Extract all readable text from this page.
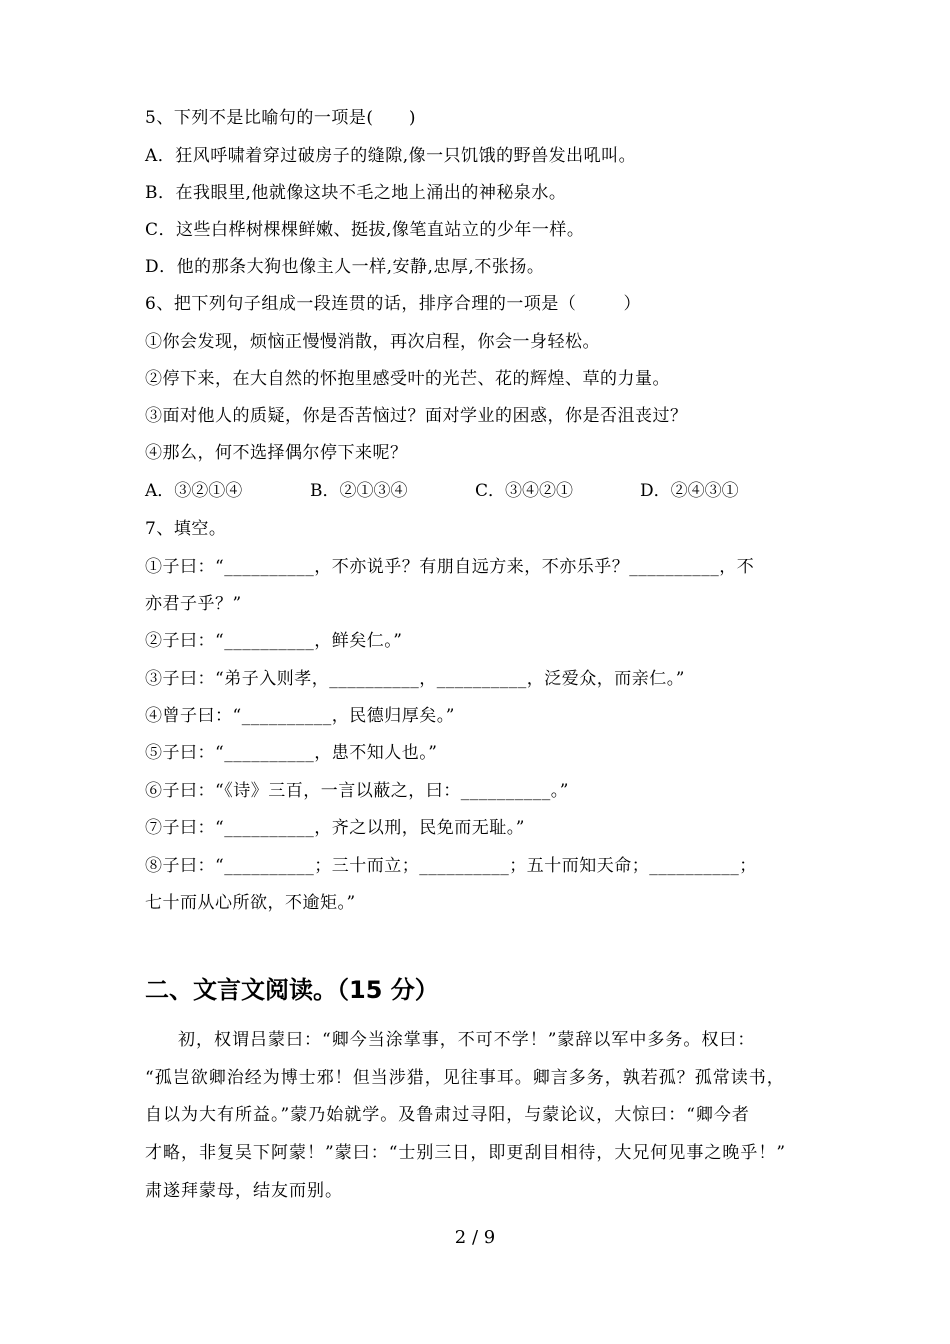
5、下列不是比喻句的一项是(      )
A．狂风呼啸着穿过破房子的缝隙,像一只饥饿的野兽发出吼叫。
B．在我眼里,他就像这块不毛之地上涌出的神秘泉水。
C．这些白桦树棵棵鲜嫩、挺拔,像笔直站立的少年一样。
D．他的那条大狗也像主人一样,安静,忠厚,不张扬。
6、把下列句子组成一段连贯的话，排序合理的一项是（        ）
①你会发现，烦恼正慢慢消散，再次启程，你会一身轻松。
②停下来，在大自然的怀抱里感受叶的光芒、花的辉煌、草的力量。
③面对他人的质疑，你是否苦恼过？面对学业的困惑，你是否沮丧过？
④那么，何不选择偶尔停下来呢？
A．③②①④	B．②①③④	C．③④②①	D．②④③①
7、填空。
①子曰：“__________，不亦说乎？有朋自远方来，不亦乐乎？__________，不
亦君子乎？”
②子曰：“__________，鲜矣仁。”
③子曰：“弟子入则孝，__________，__________，泛爱众，而亲仁。”
④曾子曰：“__________，民德归厚矣。”
⑤子曰：“__________，患不知人也。”
⑥子曰：“《诗》三百，一言以蔽之，曰：__________。”
⑦子曰：“__________，齐之以刑，民免而无耻。”
⑧子曰：“__________；三十而立；__________；五十而知天命；__________；
七十而从心所欲，不逾矩。”
二、文言文阅读。（15 分）
初，权谓吕蒙曰：“卿今当涂掌事，不可不学！”蒙辞以军中多务。权曰：
“孤岂欲卿治经为博士邪！但当涉猎，见往事耳。卿言多务，孰若孤？孤常读书，
自以为大有所益。”蒙乃始就学。及鲁肃过寻阳，与蒙论议，大惊曰：“卿今者
才略，非复吴下阿蒙！”蒙曰：“士别三日，即更刮目相待，大兄何见事之晚乎！”
肃遂拜蒙母，结友而别。
2 / 9
